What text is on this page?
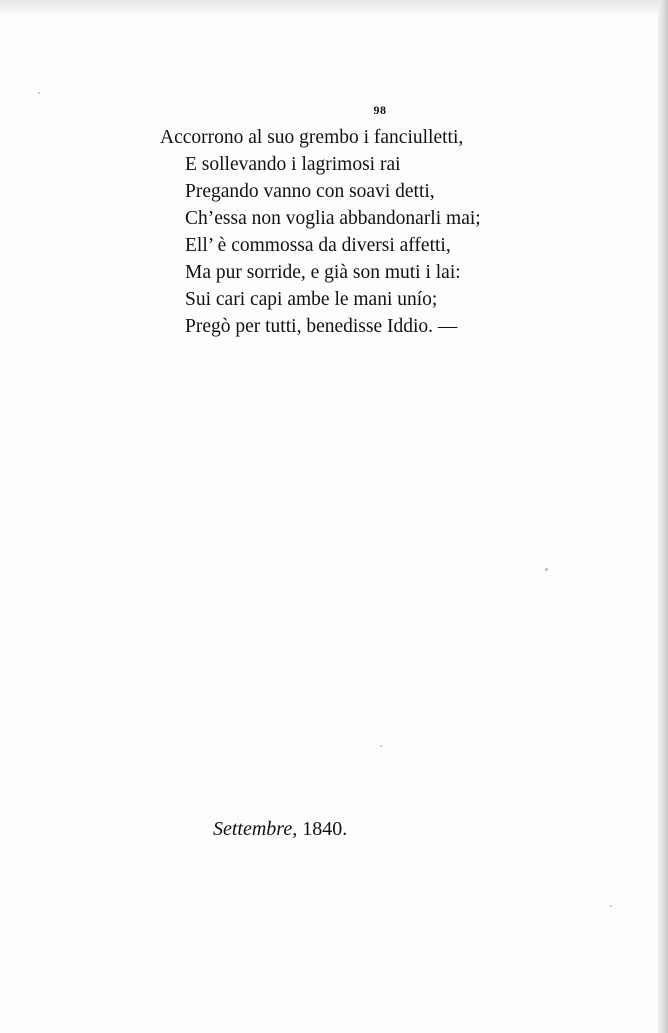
98
Accorrono al suo grembo i fanciulletti,
E sollevando i lagrimosi rai
Pregando vanno con soavi detti,
Ch’essa non voglia abbandonarli mai;
Ell’ è commossa da diversi affetti,
Ma pur sorride, e già son muti i lai:
Sui cari capi ambe le mani unío;
Pregò per tutti, benedisse Iddio. —
Settembre, 1840.
